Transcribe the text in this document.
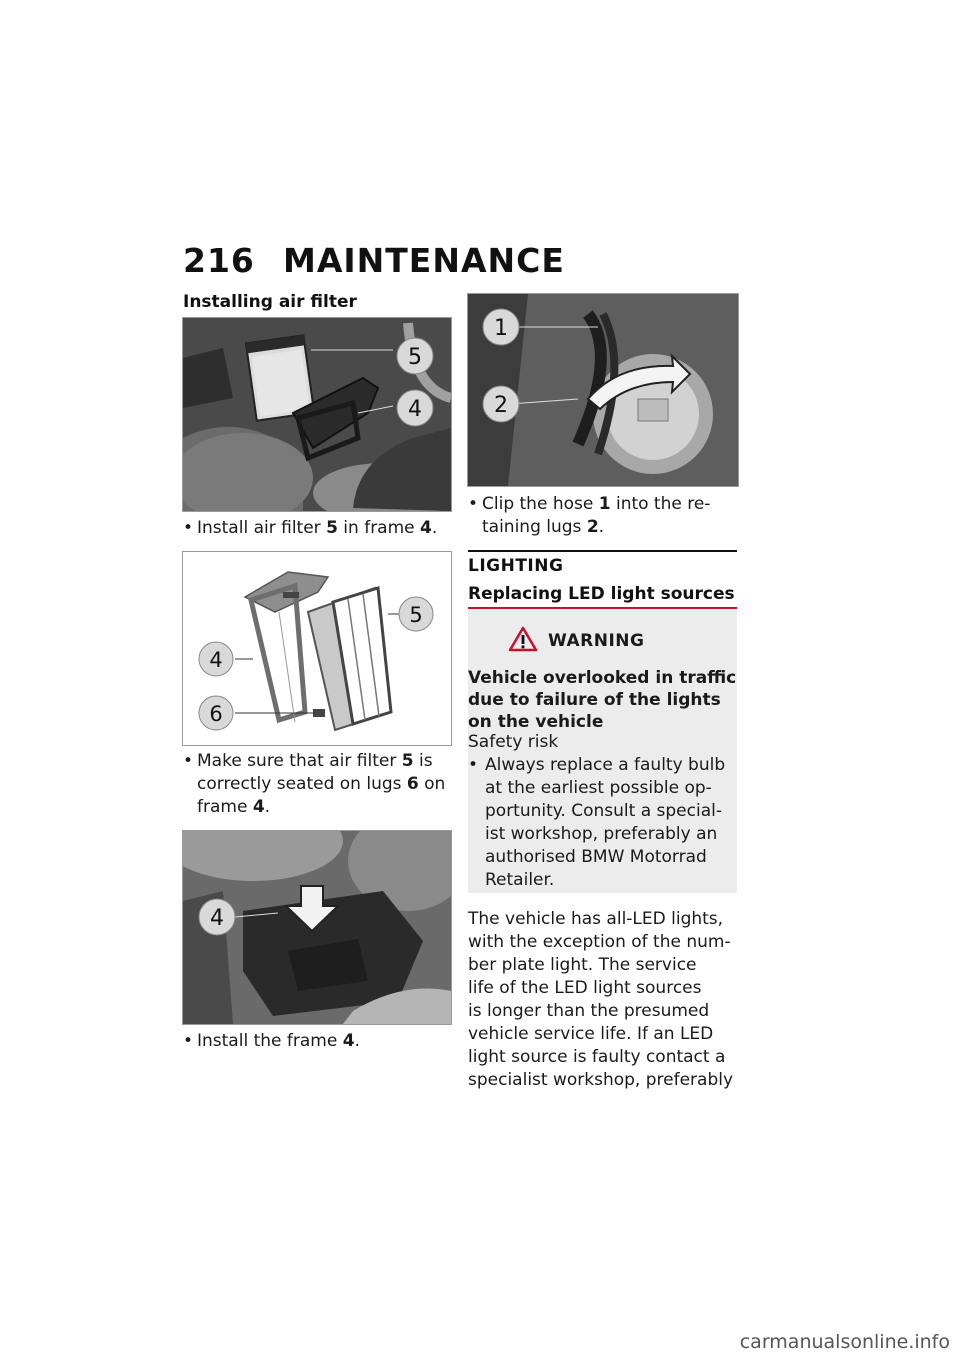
216 MAINTENANCE
Installing air filter
5
4
• Install air filter 5 in frame 4.
5
4
6
• Make sure that air filter 5 is correctly seated on lugs 6 on frame 4.
4
• Install the frame 4.
1
2
• Clip the hose 1 into the re-
taining lugs 2.
LIGHTING
Replacing LED light sources
WARNING
Vehicle overlooked in traffic
due to failure of the lights
on the vehicle
Safety risk
• Always replace a faulty bulb
at the earliest possible op-
portunity. Consult a special-
ist workshop, preferably an
authorised BMW Motorrad
Retailer.
The vehicle has all-LED lights,
with the exception of the num-
ber plate light. The service
life of the LED light sources
is longer than the presumed
vehicle service life. If an LED
light source is faulty contact a
specialist workshop, preferably
carmanualsonline.info
